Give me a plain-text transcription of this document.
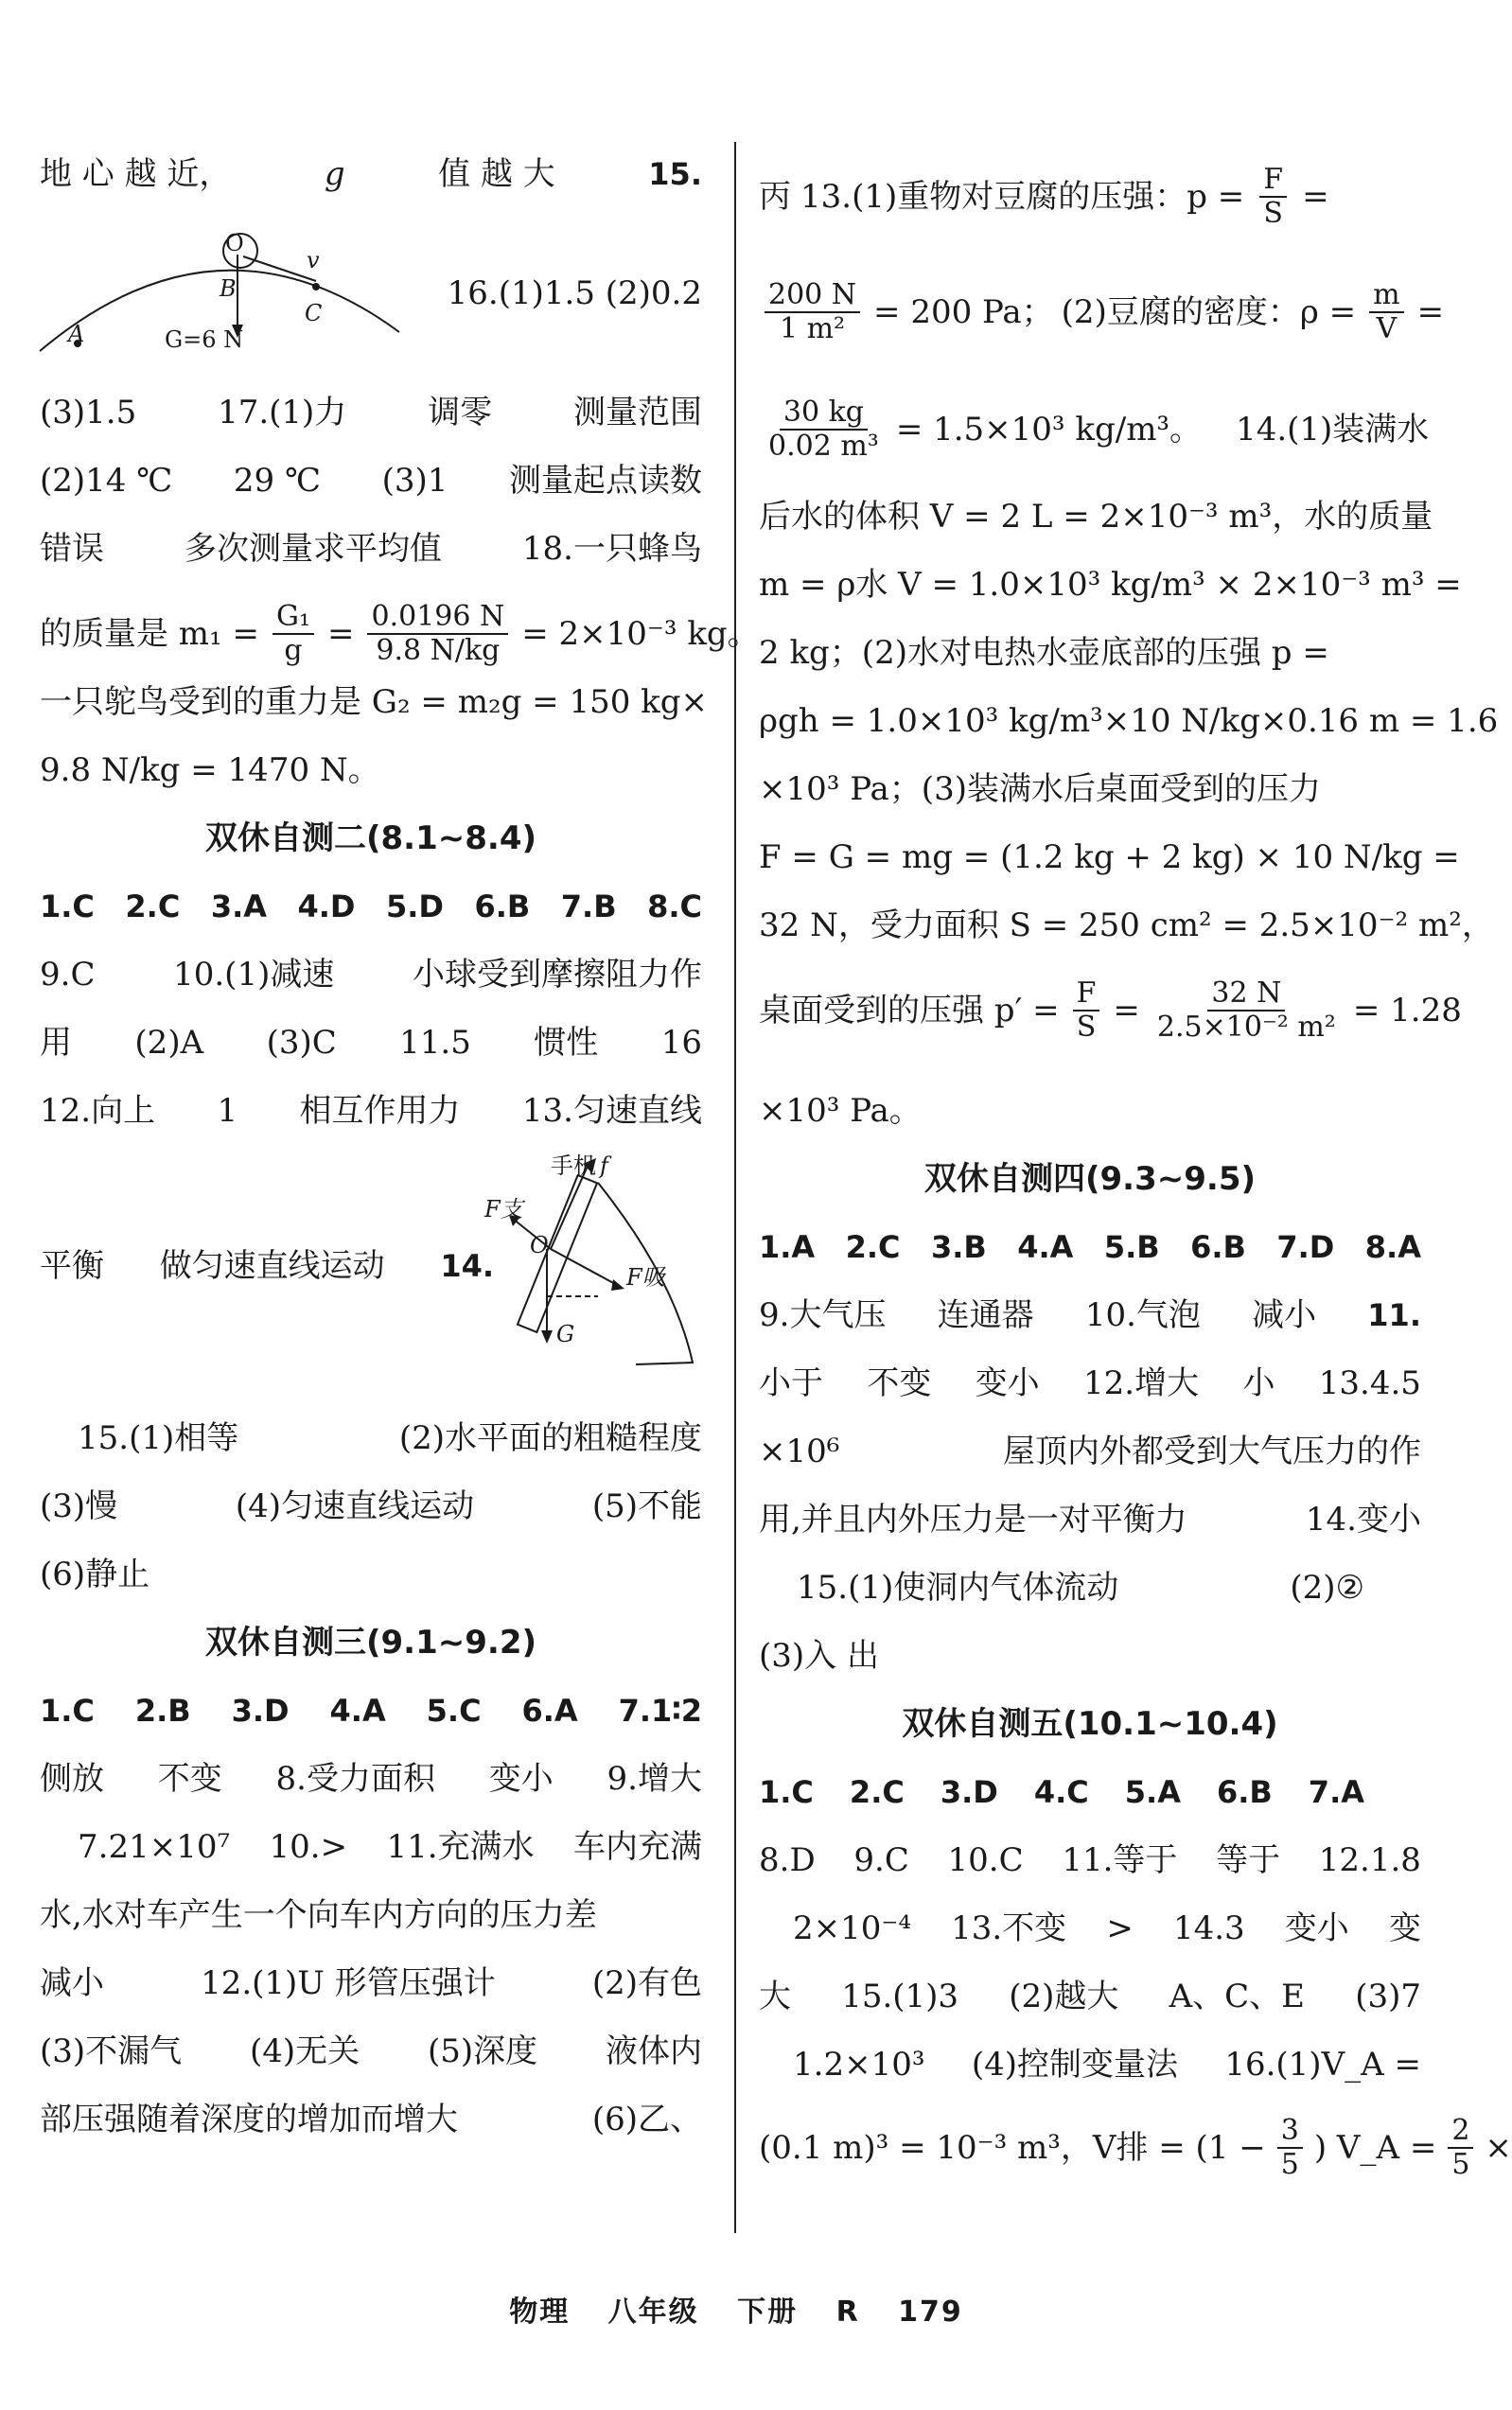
地 心 越 近，	g	值 越 大	15.
O
v
B
A	G=6 N
C
16.(1)1.5 (2)0.2
(3)1.5	17.(1)力	调零	测量范围
(2)14 ℃ 29 ℃ (3)1 测量起点读数
错误 多次测量求平均值 18.一只蜂鸟
的质量是 $m_1 = \frac{\text{G₁}}{g} = \frac{0.0196 N}{9.8 N/kg} = 2\times 10^{-3}$ kg。
一只鸵鸟受到的重力是 G₂ = m₂g = 150 kg×
9.8 N/kg = 1470 N。
双休自测二(8.1~8.4)
1.C 2.C 3.A 4.D 5.D 6.B 7.B 8.C
9.C 10.(1)减速 小球受到摩擦阻力作
用 (2)A (3)C 11.5 惯性 16
12.向上 1 相互作用力 13.匀速直线
手机 f
F支
O
F吸
G
平衡 做匀速直线运动 14.
15.(1)相等	(2)水平面的粗糙程度
(3)慢	(4)匀速直线运动	(5)不能
(6)静止
双休自测三(9.1~9.2)
1.C 2.B 3.D 4.A 5.C 6.A 7.1∶2
侧放 不变 8.受力面积 变小 9.增大
7.21×10⁷ 10.> 11.充满水 车内充满
水,水对车产生一个向车内方向的压力差
减小	12.(1)U 形管压强计	(2)有色
(3)不漏气 (4)无关 (5)深度 液体内
部压强随着深度的增加而增大	(6)乙、
丙 13.(1)重物对豆腐的压强：$p = \frac{F}{S}$ =
$\frac{200 N}{\text{1 m²}} = 200$ Pa； (2)豆腐的密度：$\rho = \frac{m}{V}$ =
$\frac{30 kg}{\text{0.02 m³}} = 1.5\times 10^3$ kg/m³。 14.(1)装满水
后水的体积 V = 2 L = 2×10⁻³ m³，水的质量
m = ρ水 V = 1.0×10³ kg/m³ × 2×10⁻³ m³ =
2 kg；(2)水对电热水壶底部的压强 p =
ρgh = 1.0×10³ kg/m³×10 N/kg×0.16 m = 1.6
×10³ Pa；(3)装满水后桌面受到的压力
F = G = mg = (1.2 kg + 2 kg) × 10 N/kg =
32 N，受力面积 S = 250 cm² = 2.5×10⁻² m²，
桌面受到的压强 $p' = \frac{F}{S} = \frac{32 N}{\text{2.5×10⁻² m²}} = 1.28$
×10³ Pa。
双休自测四(9.3~9.5)
1.A 2.C 3.B 4.A 5.B 6.B 7.D 8.A
9.大气压 连通器 10.气泡 减小 11.
小于 不变 变小 12.增大 小 13.4.5
×10⁶	屋顶内外都受到大气压力的作
用,并且内外压力是一对平衡力	14.变小
15.(1)使洞内气体流动	(2)②
(3)入 出
双休自测五(10.1~10.4)
1.C 2.C 3.D 4.C 5.A 6.B 7.A
8.D 9.C 10.C 11.等于 等于 12.1.8
2×10⁻⁴ 13.不变 > 14.3 变小 变
大 15.(1)3 (2)越大 A、C、E (3)7
1.2×10³ (4)控制变量法 16.(1)V_A =
(0.1 m)³ = 10⁻³ m³，V排 = ($1 - \frac{3}{5}$ ) V_A = $\frac{2}{5}$ ×
物理 八年级 下册 R 179
